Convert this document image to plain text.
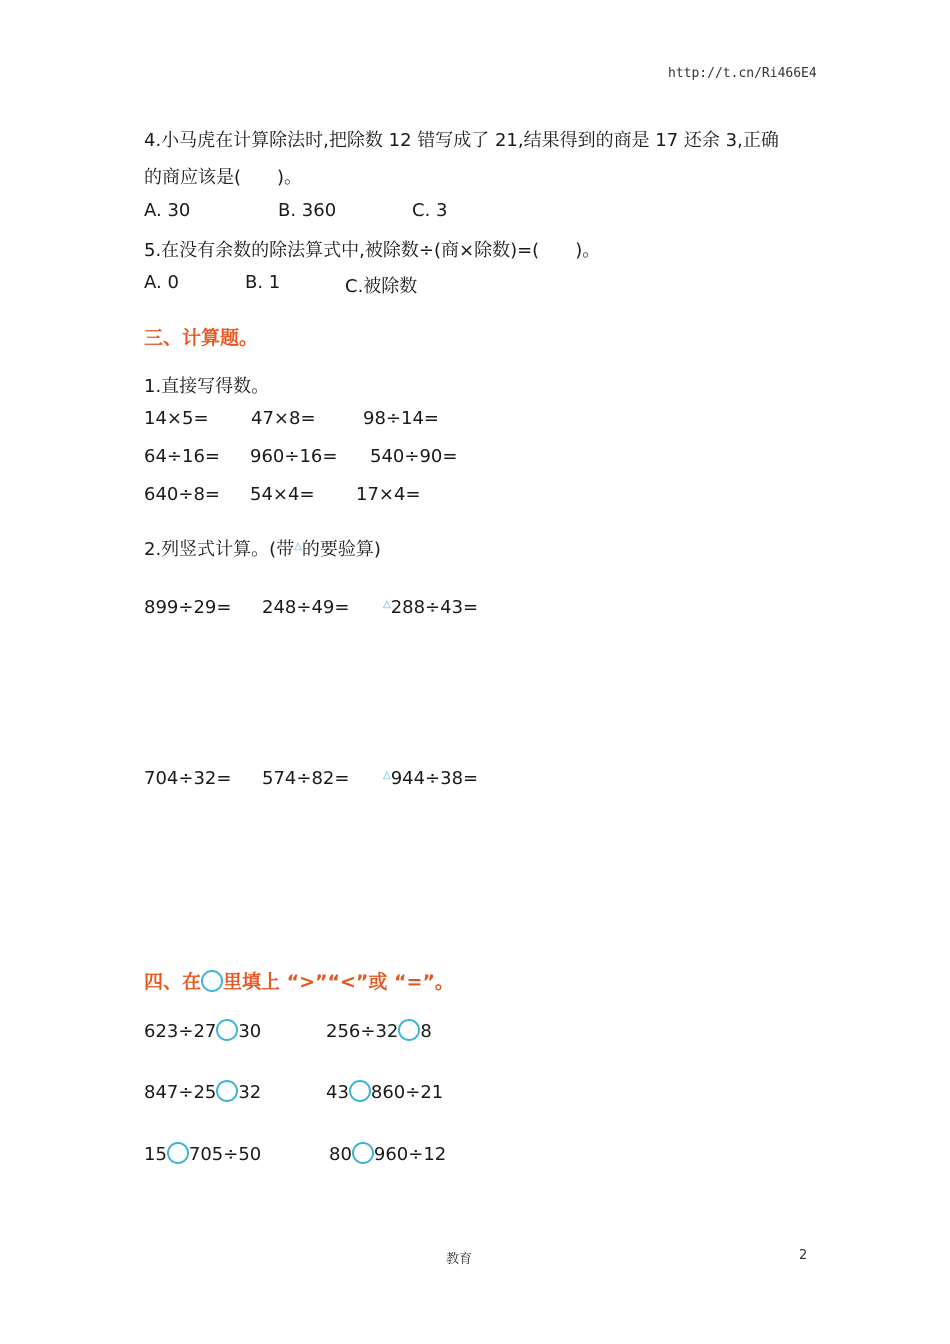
http://t.cn/Ri466E4
4.小马虎在计算除法时,把除数 12 错写成了 21,结果得到的商是 17 还余 3,正确
的商应该是(　　)。
A. 30	B. 360	C. 3
5.在没有余数的除法算式中,被除数÷(商×除数)=(　　)。
A. 0	B. 1	C.被除数
三、计算题。
1.直接写得数。
14×5= 47×8=	98÷14=
64÷16= 960÷16= 540÷90=
640÷8= 54×4= 17×4=
2.列竖式计算。(带△的要验算)
899÷29= 248÷49=	△288÷43=
704÷32= 574÷82=	△944÷38=
四、在 里填上 “>”“<”或 “=”。
623÷27 30	256÷32 8
847÷25 32	43 860÷21
15 705÷50	80 960÷12
教育	2
